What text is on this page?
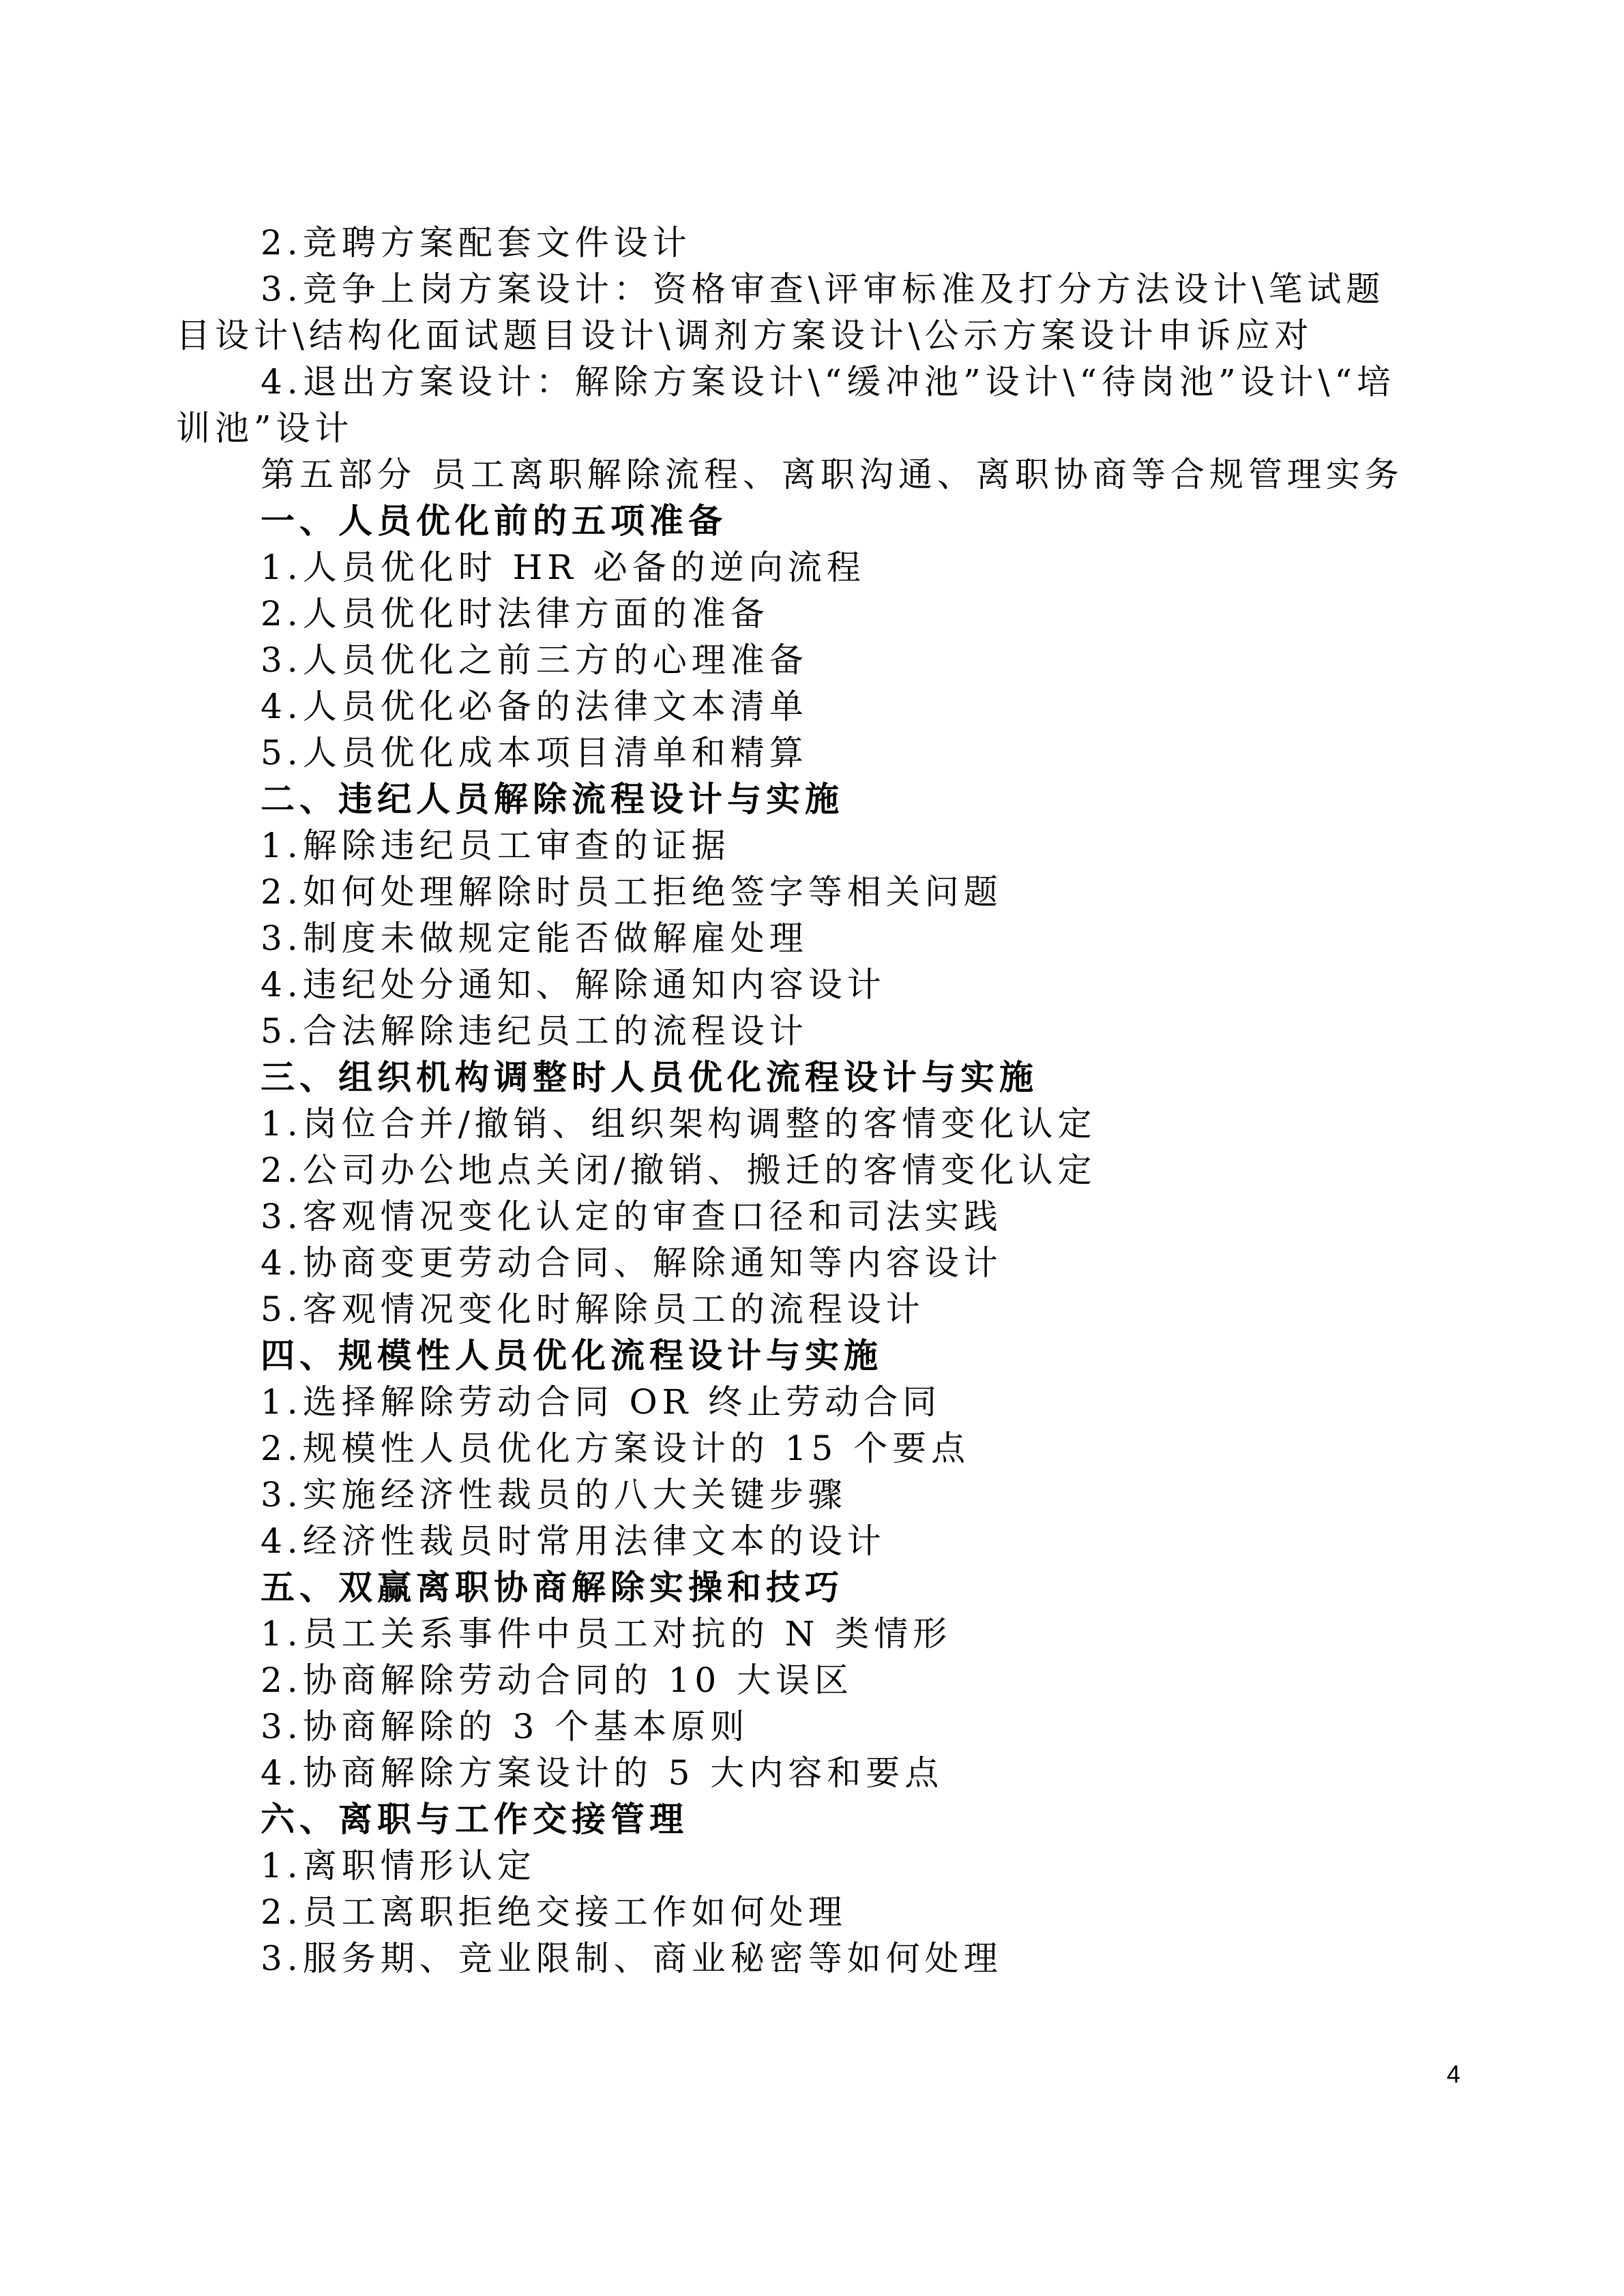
2.竞聘方案配套文件设计
3.竞争上岗方案设计：资格审查\评审标准及打分方法设计\笔试题目设计\结构化面试题目设计\调剂方案设计\公示方案设计申诉应对
4.退出方案设计：解除方案设计\“缓冲池”设计\“待岗池”设计\“培训池”设计
第五部分 员工离职解除流程、离职沟通、离职协商等合规管理实务
一、人员优化前的五项准备
1.人员优化时 HR 必备的逆向流程
2.人员优化时法律方面的准备
3.人员优化之前三方的心理准备
4.人员优化必备的法律文本清单
5.人员优化成本项目清单和精算
二、违纪人员解除流程设计与实施
1.解除违纪员工审查的证据
2.如何处理解除时员工拒绝签字等相关问题
3.制度未做规定能否做解雇处理
4.违纪处分通知、解除通知内容设计
5.合法解除违纪员工的流程设计
三、组织机构调整时人员优化流程设计与实施
1.岗位合并/撤销、组织架构调整的客情变化认定
2.公司办公地点关闭/撤销、搬迁的客情变化认定
3.客观情况变化认定的审查口径和司法实践
4.协商变更劳动合同、解除通知等内容设计
5.客观情况变化时解除员工的流程设计
四、规模性人员优化流程设计与实施
1.选择解除劳动合同 OR 终止劳动合同
2.规模性人员优化方案设计的 15 个要点
3.实施经济性裁员的八大关键步骤
4.经济性裁员时常用法律文本的设计
五、双赢离职协商解除实操和技巧
1.员工关系事件中员工对抗的 N 类情形
2.协商解除劳动合同的 10 大误区
3.协商解除的 3 个基本原则
4.协商解除方案设计的 5 大内容和要点
六、离职与工作交接管理
1.离职情形认定
2.员工离职拒绝交接工作如何处理
3.服务期、竞业限制、商业秘密等如何处理
4
